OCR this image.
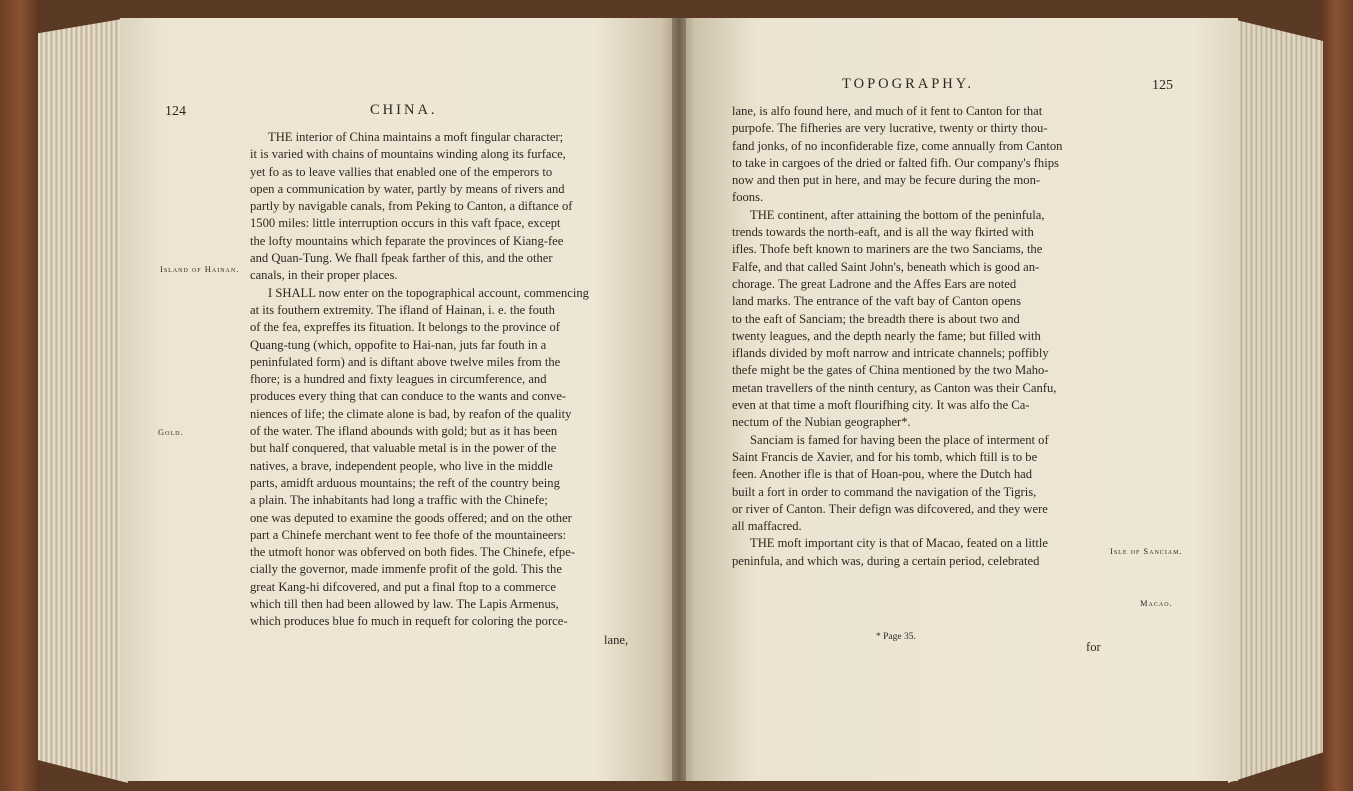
124	CHINA.
Island of Hainan.
Gold.
THE interior of China maintains a moft fingular character;
it is varied with chains of mountains winding along its furface,
yet fo as to leave vallies that enabled one of the emperors to
open a communication by water, partly by means of rivers and
partly by navigable canals, from Peking to Canton, a diftance of
1500 miles: little interruption occurs in this vaft fpace, except
the lofty mountains which feparate the provinces of Kiang-fee
and Quan-Tung. We fhall fpeak farther of this, and the other
canals, in their proper places.
I SHALL now enter on the topographical account, commencing
at its fouthern extremity. The ifland of Hainan, i. e. the fouth
of the fea, expreffes its fituation. It belongs to the province of
Quang-tung (which, oppofite to Hai-nan, juts far fouth in a
peninfulated form) and is diftant above twelve miles from the
fhore; is a hundred and fixty leagues in circumference, and
produces every thing that can conduce to the wants and conve-
niences of life; the climate alone is bad, by reafon of the quality
of the water. The ifland abounds with gold; but as it has been
but half conquered, that valuable metal is in the power of the
natives, a brave, independent people, who live in the middle
parts, amidft arduous mountains; the reft of the country being
a plain. The inhabitants had long a traffic with the Chinefe;
one was deputed to examine the goods offered; and on the other
part a Chinefe merchant went to fee thofe of the mountaineers:
the utmoft honor was obferved on both fides. The Chinefe, efpe-
cially the governor, made immenfe profit of the gold. This the
great Kang-hi difcovered, and put a final ftop to a commerce
which till then had been allowed by law. The Lapis Armenus,
which produces blue fo much in requeft for coloring the porce-
lane,
TOPOGRAPHY.	125
lane, is alfo found here, and much of it fent to Canton for that
purpofe. The fifheries are very lucrative, twenty or thirty thou-
fand jonks, of no inconfiderable fize, come annually from Canton
to take in cargoes of the dried or falted fifh. Our company's fhips
now and then put in here, and may be fecure during the mon-
foons.
THE continent, after attaining the bottom of the peninfula,
trends towards the north-eaft, and is all the way fkirted with
ifles. Thofe beft known to mariners are the two Sanciams, the
Falfe, and that called Saint John's, beneath which is good an-
chorage. The great Ladrone and the Affes Ears are noted
land marks. The entrance of the vaft bay of Canton opens
to the eaft of Sanciam; the breadth there is about two and
twenty leagues, and the depth nearly the fame; but filled with
iflands divided by moft narrow and intricate channels; poffibly
thefe might be the gates of China mentioned by the two Maho-
metan travellers of the ninth century, as Canton was their Canfu,
even at that time a moft flourifhing city. It was alfo the Ca-
nectum of the Nubian geographer*.
Sanciam is famed for having been the place of interment of
Saint Francis de Xavier, and for his tomb, which ftill is to be
feen. Another ifle is that of Hoan-pou, where the Dutch had
built a fort in order to command the navigation of the Tigris,
or river of Canton. Their defign was difcovered, and they were
all maffacred.
THE moft important city is that of Macao, feated on a little
peninfula, and which was, during a certain period, celebrated
Isle of Sanciam.
Macao.
* Page 35.
for
